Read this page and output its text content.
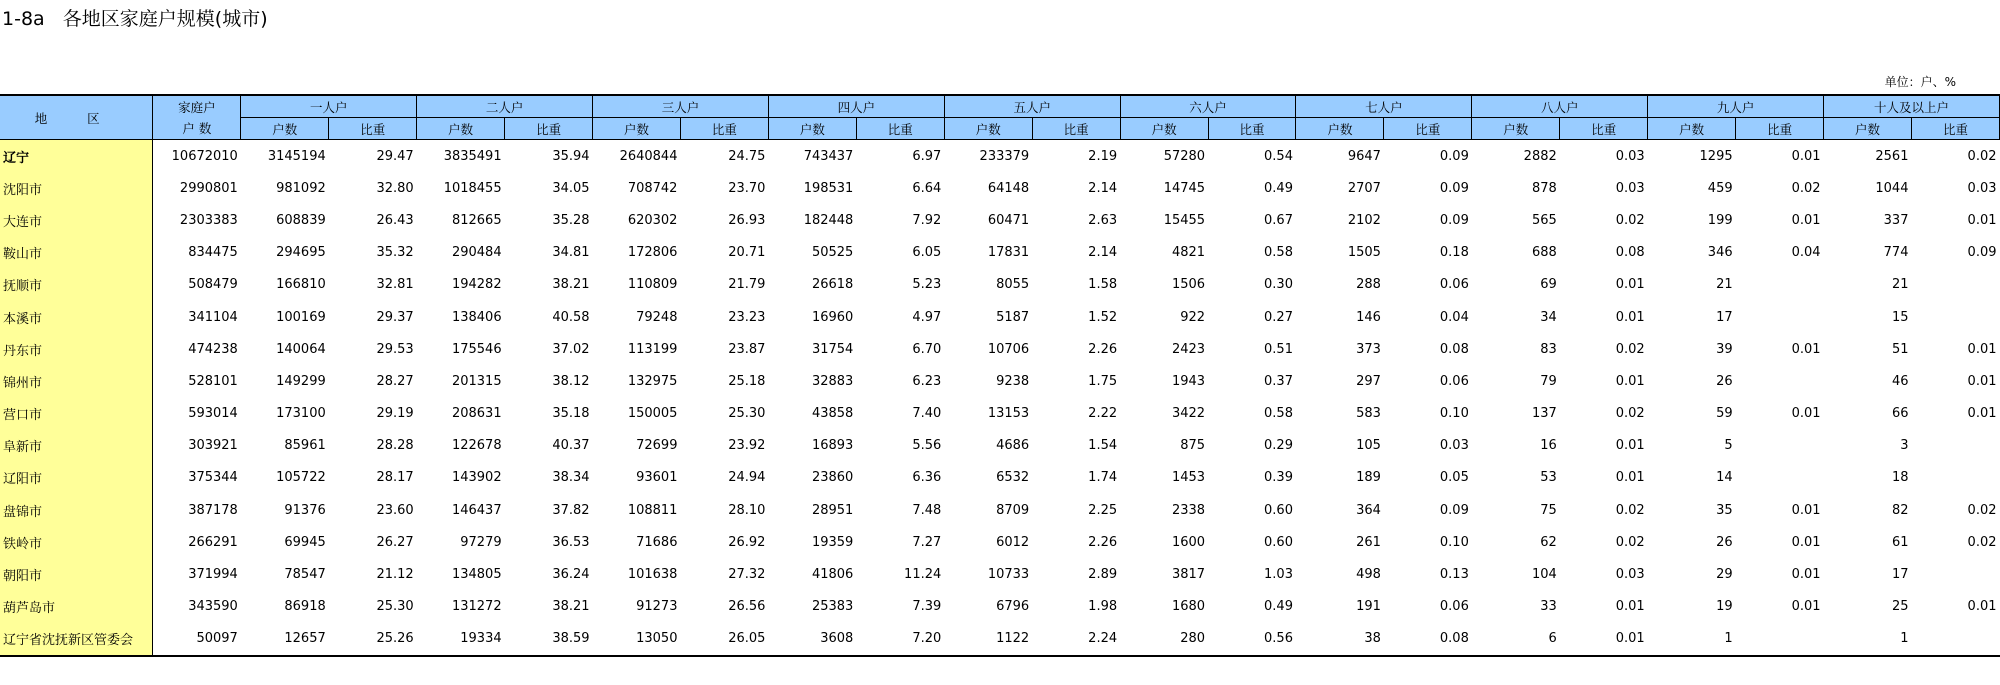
1-8a   各地区家庭户规模(城市)
单位：户、%
地 区	家庭户	一人户		二人户		三人户		四人户		五人户		六人户		七人户		八人户		九人户		十人及以上户	
	户 数	户数	比重	户数	比重	户数	比重	户数	比重	户数	比重	户数	比重	户数	比重	户数	比重	户数	比重	户数	比重
辽宁	10672010	3145194	29.47	3835491	35.94	2640844	24.75	743437	6.97	233379	2.19	57280	0.54	9647	0.09	2882	0.03	1295	0.01	2561	0.02
沈阳市	2990801	981092	32.80	1018455	34.05	708742	23.70	198531	6.64	64148	2.14	14745	0.49	2707	0.09	878	0.03	459	0.02	1044	0.03
大连市	2303383	608839	26.43	812665	35.28	620302	26.93	182448	7.92	60471	2.63	15455	0.67	2102	0.09	565	0.02	199	0.01	337	0.01
鞍山市	834475	294695	35.32	290484	34.81	172806	20.71	50525	6.05	17831	2.14	4821	0.58	1505	0.18	688	0.08	346	0.04	774	0.09
抚顺市	508479	166810	32.81	194282	38.21	110809	21.79	26618	5.23	8055	1.58	1506	0.30	288	0.06	69	0.01	21		21	
本溪市	341104	100169	29.37	138406	40.58	79248	23.23	16960	4.97	5187	1.52	922	0.27	146	0.04	34	0.01	17		15	
丹东市	474238	140064	29.53	175546	37.02	113199	23.87	31754	6.70	10706	2.26	2423	0.51	373	0.08	83	0.02	39	0.01	51	0.01
锦州市	528101	149299	28.27	201315	38.12	132975	25.18	32883	6.23	9238	1.75	1943	0.37	297	0.06	79	0.01	26		46	0.01
营口市	593014	173100	29.19	208631	35.18	150005	25.30	43858	7.40	13153	2.22	3422	0.58	583	0.10	137	0.02	59	0.01	66	0.01
阜新市	303921	85961	28.28	122678	40.37	72699	23.92	16893	5.56	4686	1.54	875	0.29	105	0.03	16	0.01	5		3	
辽阳市	375344	105722	28.17	143902	38.34	93601	24.94	23860	6.36	6532	1.74	1453	0.39	189	0.05	53	0.01	14		18	
盘锦市	387178	91376	23.60	146437	37.82	108811	28.10	28951	7.48	8709	2.25	2338	0.60	364	0.09	75	0.02	35	0.01	82	0.02
铁岭市	266291	69945	26.27	97279	36.53	71686	26.92	19359	7.27	6012	2.26	1600	0.60	261	0.10	62	0.02	26	0.01	61	0.02
朝阳市	371994	78547	21.12	134805	36.24	101638	27.32	41806	11.24	10733	2.89	3817	1.03	498	0.13	104	0.03	29	0.01	17	
葫芦岛市	343590	86918	25.30	131272	38.21	91273	26.56	25383	7.39	6796	1.98	1680	0.49	191	0.06	33	0.01	19	0.01	25	0.01
辽宁省沈抚新区管委会	50097	12657	25.26	19334	38.59	13050	26.05	3608	7.20	1122	2.24	280	0.56	38	0.08	6	0.01	1		1	
